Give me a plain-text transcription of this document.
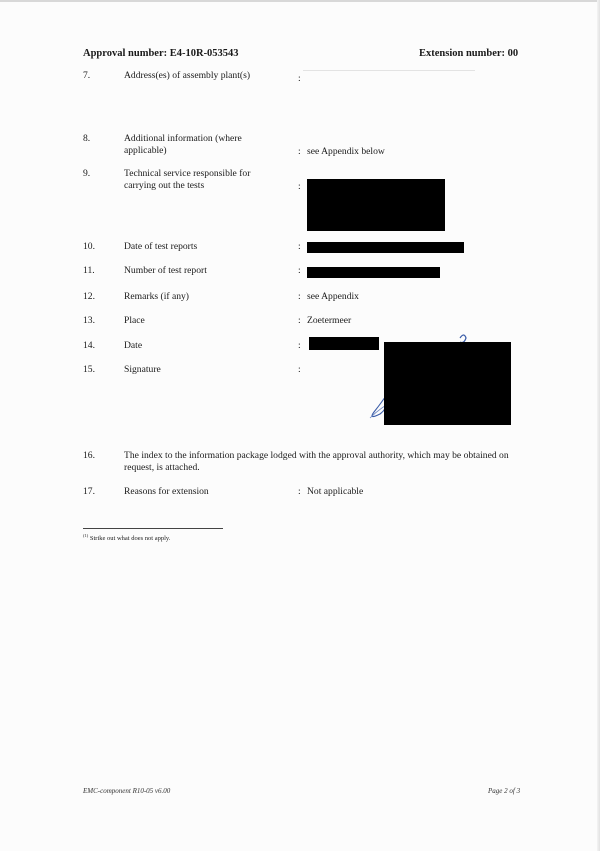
Approval number: E4-10R-053543	Extension number: 00
7.	Address(es) of assembly plant(s)	:
8.	Additional information (where applicable)	: see Appendix below
9.	Technical service responsible for carrying out the tests	:
10.	Date of test reports	:
11.	Number of test report	:
12.	Remarks (if any)	: see Appendix
13.	Place	: Zoetermeer
14.	Date	:
15.	Signature	:
16.	The index to the information package lodged with the approval authority, which may be obtained on request, is attached.
17.	Reasons for extension	: Not applicable
$^{(1)}$ Strike out what does not apply.
EMC-component R10-05 v6.00	Page 2 of 3
